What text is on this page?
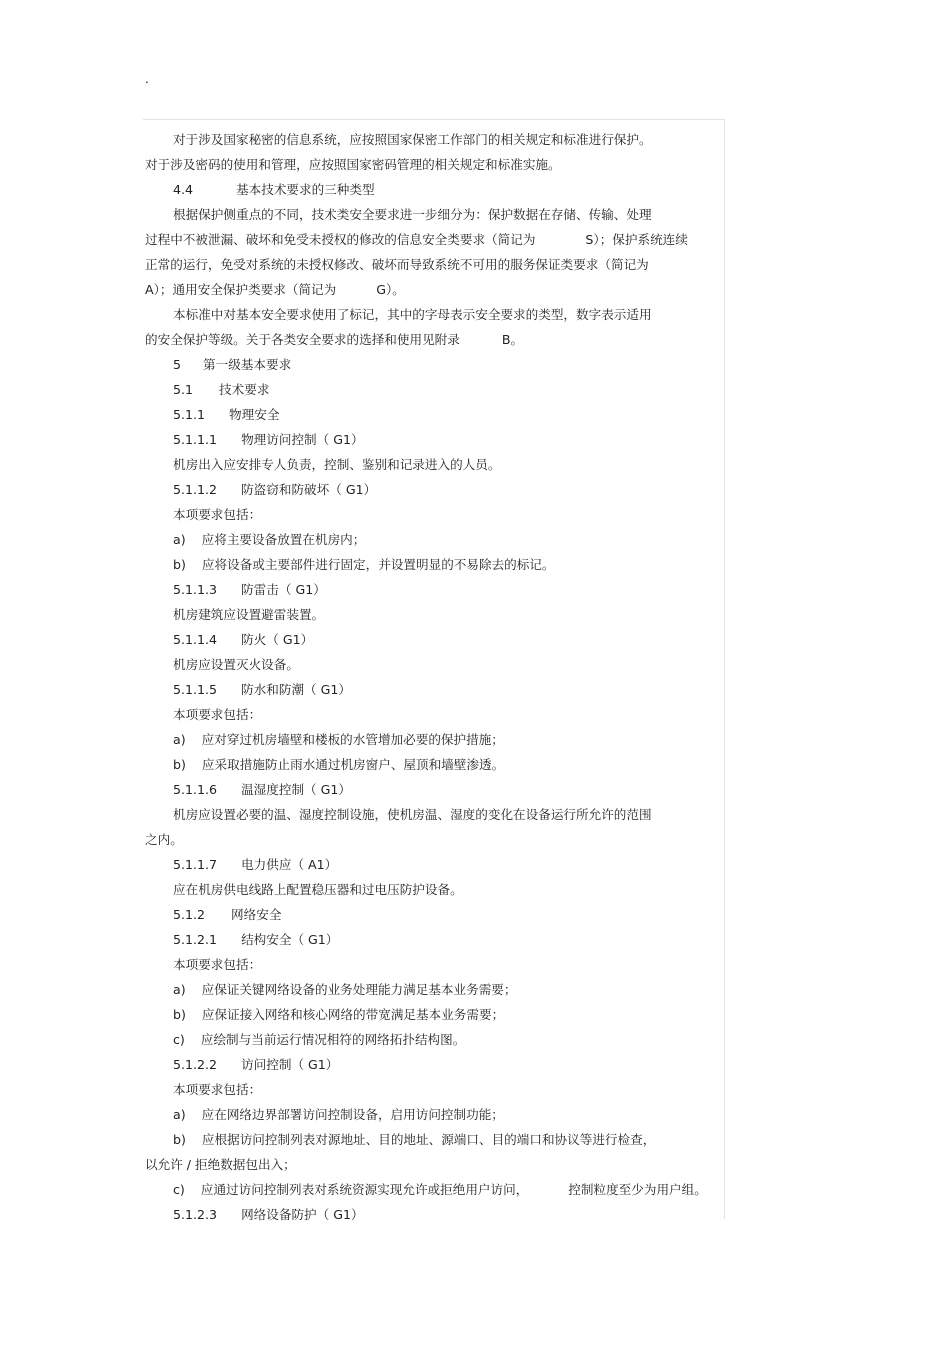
.
对于涉及国家秘密的信息系统，应按照国家保密工作部门的相关规定和标准进行保护。
对于涉及密码的使用和管理，应按照国家密码管理的相关规定和标准实施。
4.4	基本技术要求的三种类型
根据保护侧重点的不同，技术类安全要求进一步细分为：保护数据在存储、传输、处理
过程中不被泄漏、破坏和免受未授权的修改的信息安全类要求（简记为	S）；保护系统连续
正常的运行，免受对系统的未授权修改、破坏而导致系统不可用的服务保证类要求（简记为
A）；通用安全保护类要求（简记为	G）。
本标准中对基本安全要求使用了标记，其中的字母表示安全要求的类型，数字表示适用
的安全保护等级。关于各类安全要求的选择和使用见附录	B。
5 第一级基本要求
5.1 技术要求
5.1.1 物理安全
5.1.1.1 物理访问控制（ G1）
机房出入应安排专人负责，控制、鉴别和记录进入的人员。
5.1.1.2 防盗窃和防破坏（ G1）
本项要求包括：
a) 应将主要设备放置在机房内；
b) 应将设备或主要部件进行固定，并设置明显的不易除去的标记。
5.1.1.3 防雷击（ G1）
机房建筑应设置避雷装置。
5.1.1.4 防火（ G1）
机房应设置灭火设备。
5.1.1.5 防水和防潮（ G1）
本项要求包括：
a) 应对穿过机房墙壁和楼板的水管增加必要的保护措施；
b) 应采取措施防止雨水通过机房窗户、屋顶和墙壁渗透。
5.1.1.6 温湿度控制（ G1）
机房应设置必要的温、湿度控制设施，使机房温、湿度的变化在设备运行所允许的范围
之内。
5.1.1.7 电力供应（ A1）
应在机房供电线路上配置稳压器和过电压防护设备。
5.1.2 网络安全
5.1.2.1 结构安全（ G1）
本项要求包括：
a) 应保证关键网络设备的业务处理能力满足基本业务需要；
b) 应保证接入网络和核心网络的带宽满足基本业务需要；
c) 应绘制与当前运行情况相符的网络拓扑结构图。
5.1.2.2 访问控制（ G1）
本项要求包括：
a) 应在网络边界部署访问控制设备，启用访问控制功能；
b) 应根据访问控制列表对源地址、目的地址、源端口、目的端口和协议等进行检查，
以允许 / 拒绝数据包出入；
c) 应通过访问控制列表对系统资源实现允许或拒绝用户访问，	控制粒度至少为用户组。
5.1.2.3 网络设备防护（ G1）
